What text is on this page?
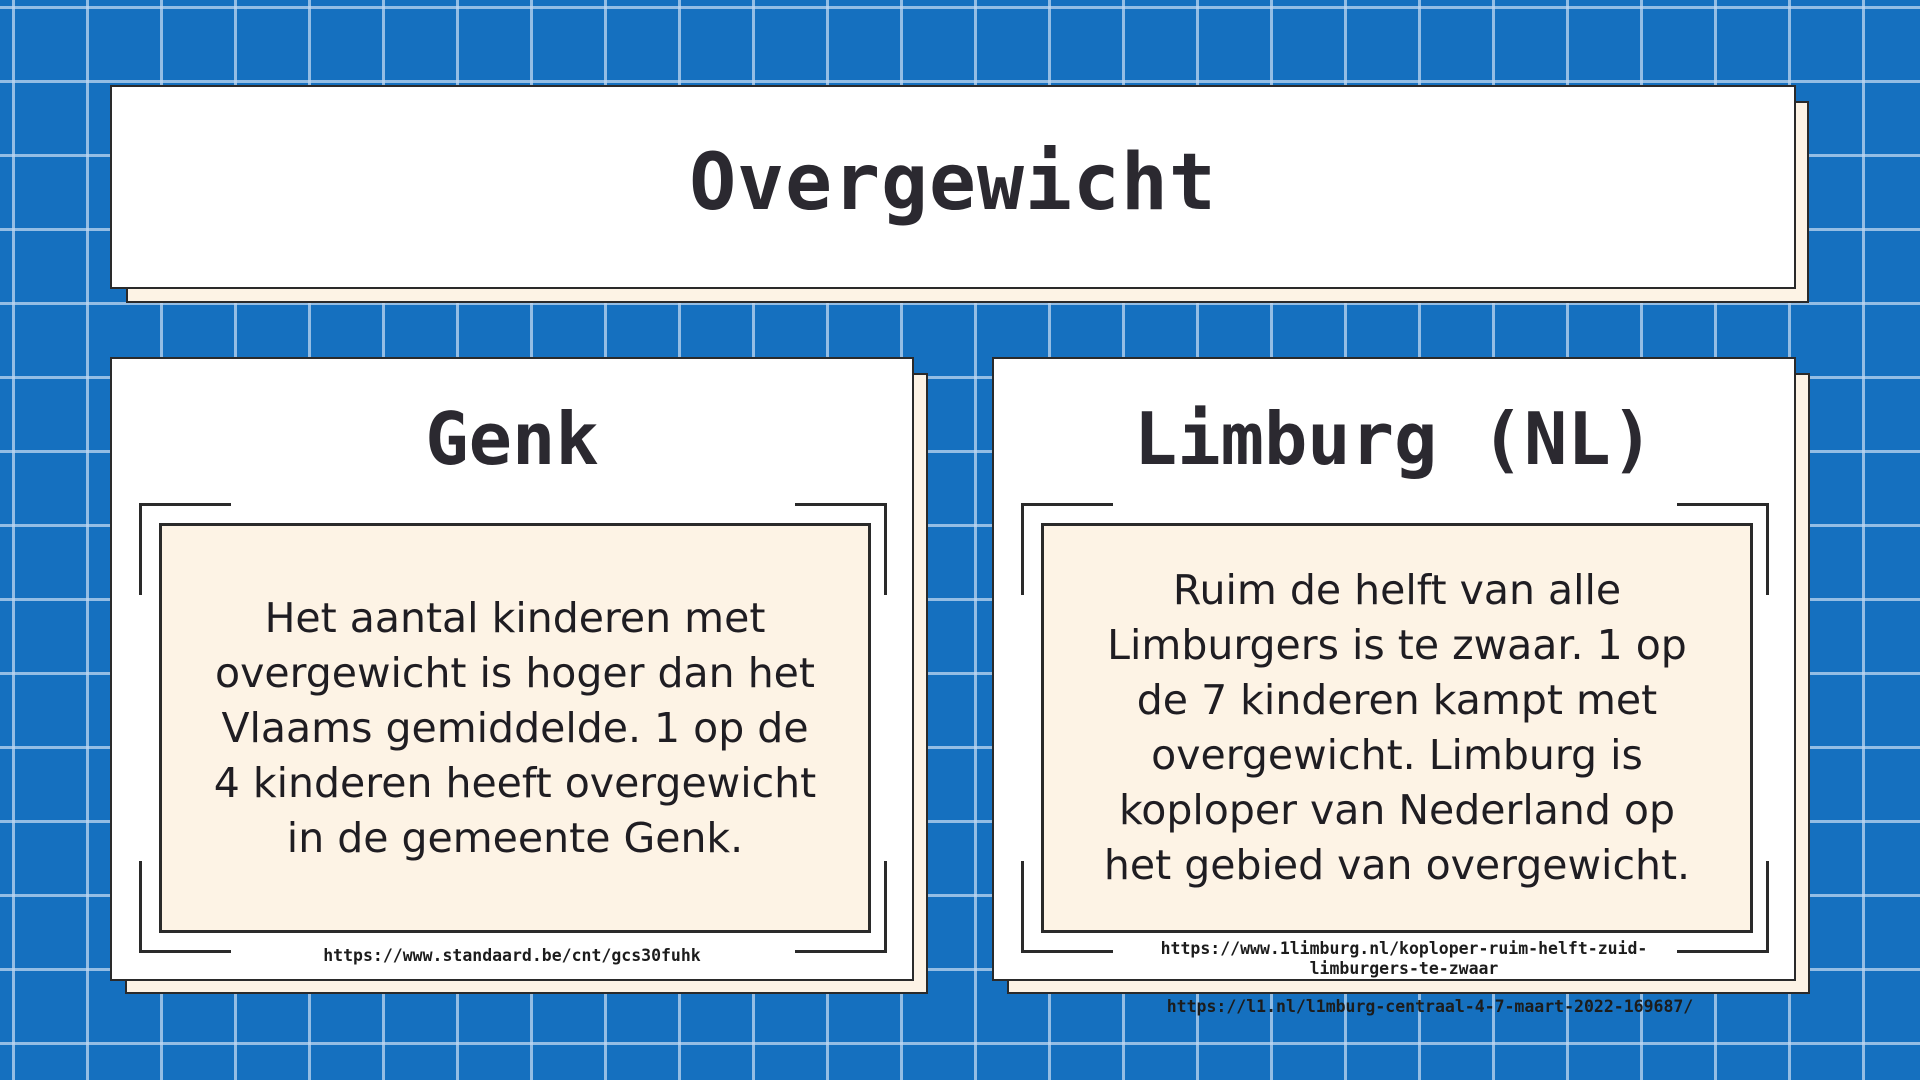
Overgewicht
Genk
Het aantal kinderen met overgewicht is hoger dan het Vlaams gemiddelde. 1 op de 4 kinderen heeft overgewicht in de gemeente Genk.
https://www.standaard.be/cnt/gcs30fuhk
Limburg (NL)
Ruim de helft van alle Limburgers is te zwaar. 1 op de 7 kinderen kampt met overgewicht. Limburg is koploper van Nederland op het gebied van overgewicht.
https://www.1limburg.nl/koploper-ruim-helft-zuid-limburgers-te-zwaar
https://l1.nl/l1mburg-centraal-4-7-maart-2022-169687/
